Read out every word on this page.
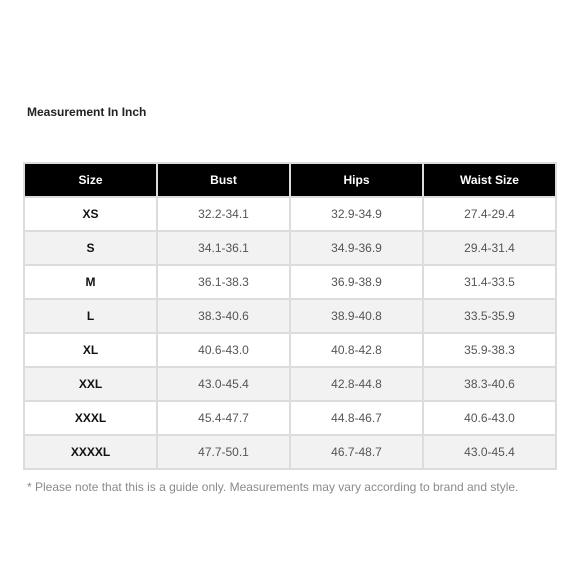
Measurement In Inch
Size	Bust	Hips	Waist Size
XS	32.2-34.1	32.9-34.9	27.4-29.4
S	34.1-36.1	34.9-36.9	29.4-31.4
M	36.1-38.3	36.9-38.9	31.4-33.5
L	38.3-40.6	38.9-40.8	33.5-35.9
XL	40.6-43.0	40.8-42.8	35.9-38.3
XXL	43.0-45.4	42.8-44.8	38.3-40.6
XXXL	45.4-47.7	44.8-46.7	40.6-43.0
XXXXL	47.7-50.1	46.7-48.7	43.0-45.4
* Please note that this is a guide only. Measurements may vary according to brand and style.
